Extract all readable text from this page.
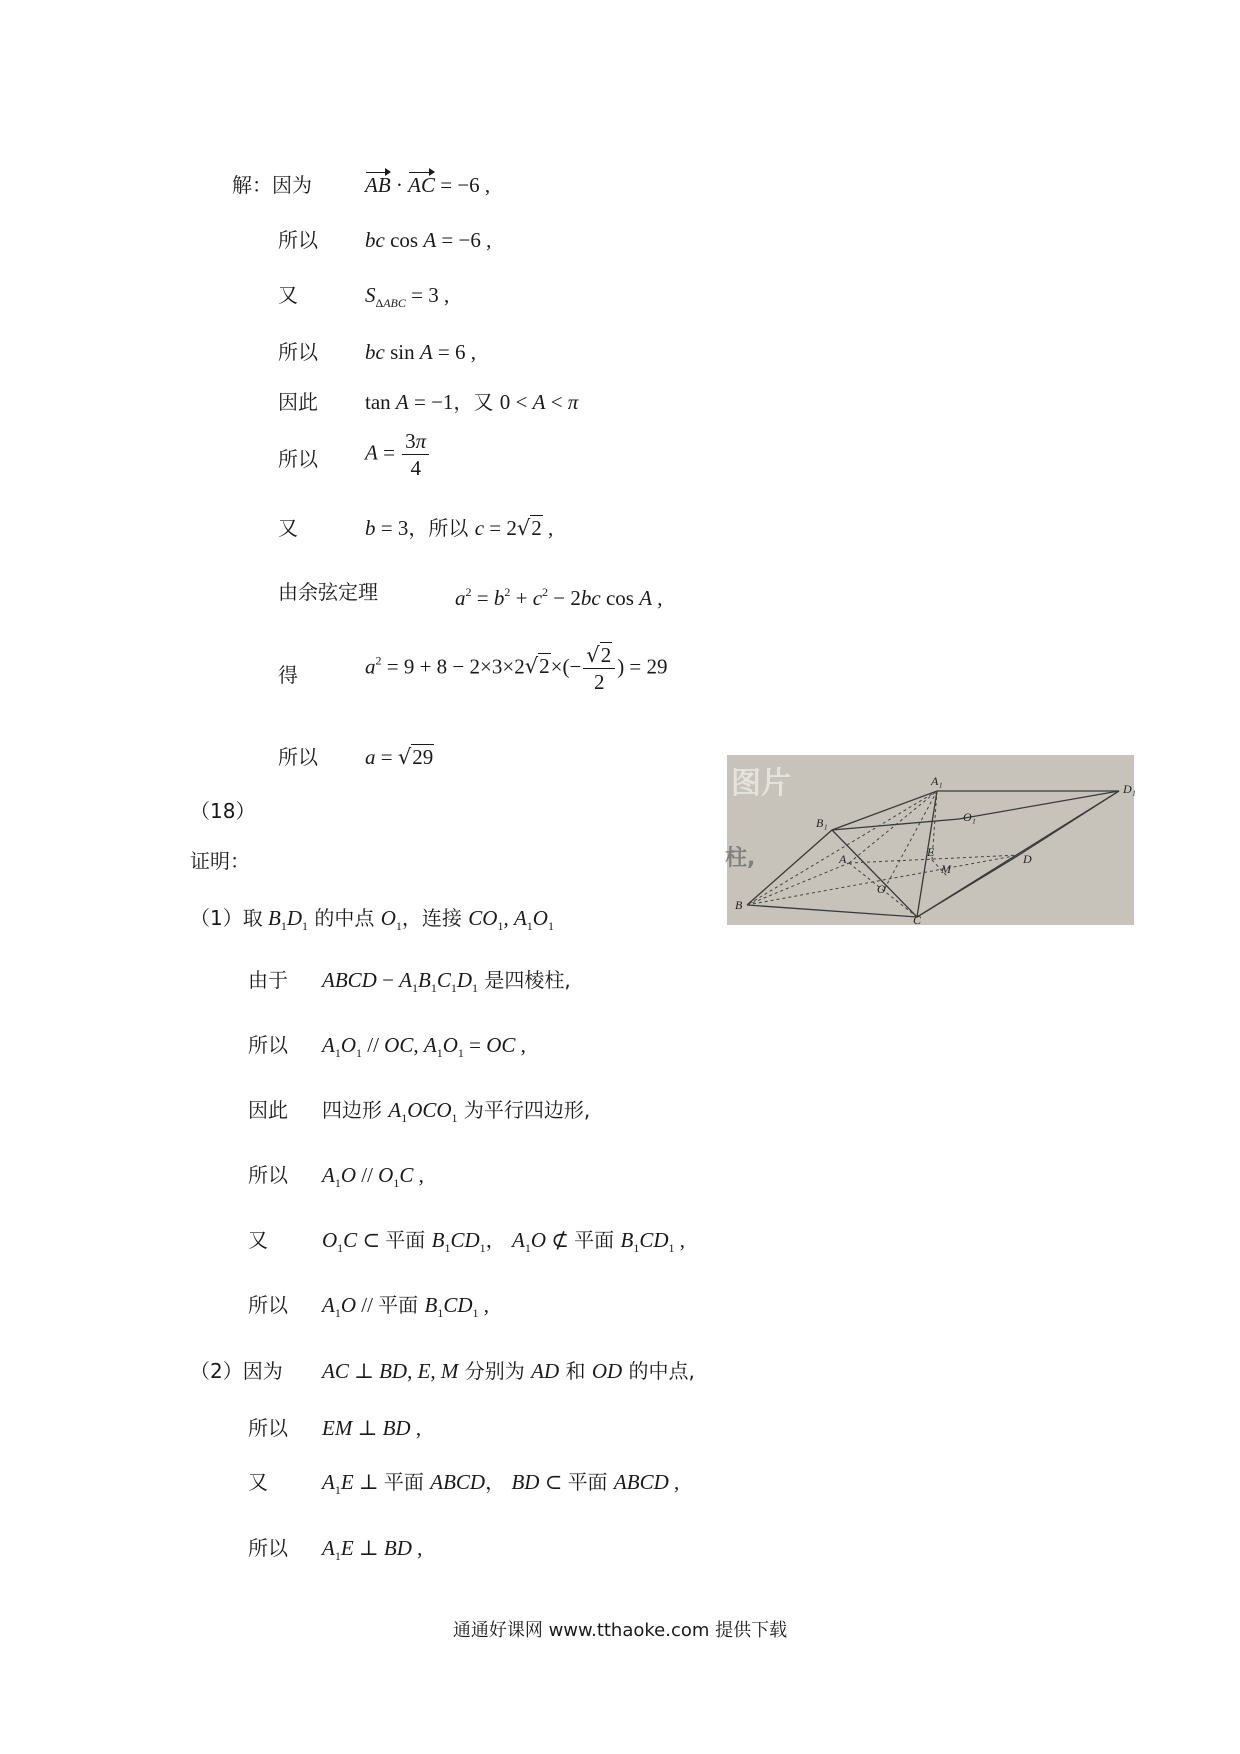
解：因为	AB · AC = −6 ,
所以 bc cos A = −6 ,
又	$S_{\Delta ABC} = 3$ ,
所以 bc sin A = 6 ,
因此 tan A = −1，又 0 < A < π
所以 $A = \frac{3\pi}{4}$
又	b = 3，所以 c = 2√2 ,
由余弦定理	$a^2 = b^2 + c^2 - 2bc$ cos A ,
得	$a^2 = 9 + 8 - 2\times 3\times 2√2\times(- \frac{√2}{2}$ ) = 29
所以 a = √29
（18）
证明：
（1）取 $B_1D_1$ 的中点 $O_1$，连接 $CO_1$, $A_1O_1$
由于 ABCD − $A_1B_1C_1D_1$ 是四棱柱,
所以 $A_1O_1$ // OC, $A_1O_1$ = OC ,
因此 四边形 $A_1OCO_1$ 为平行四边形,
所以 $A_1O // O_1C$ ,
又	$O_1C$ ⊂ 平面 $B_1CD_1$， $A_1O$ ⊄ 平面 $B_1CD_1$ ,
所以 $A_1O$ // 平面 $B_1CD_1$ ,
（2）因为 AC ⊥ BD, E, M 分别为 AD 和 OD 的中点,
所以 EM ⊥ BD ,
又	$A_1E$ ⊥ 平面 ABCD， BD ⊂ 平面 ABCD ,
所以 $A_1E$ ⊥ BD ,
图片
柱,
A₁
D₁
B₁	O₁
A	E	D
B
O
M
C
通通好课网 www.tthaoke.com 提供下载
